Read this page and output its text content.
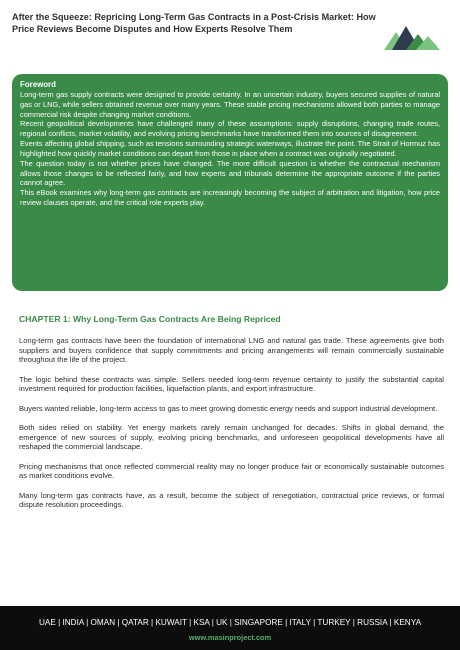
After the Squeeze: Repricing Long-Term Gas Contracts in a Post-Crisis Market: How Price Reviews Become Disputes and How Experts Resolve Them
Foreword

Long-term gas supply contracts were designed to provide certainty. In an uncertain industry, buyers secured supplies of natural gas or LNG, while sellers obtained revenue over many years. These stable pricing mechanisms allowed both parties to manage commercial risk despite changing market conditions.

Recent geopolitical developments have challenged many of these assumptions: supply disruptions, changing trade routes, regional conflicts, market volatility, and evolving pricing benchmarks have transformed them into sources of disagreement.

Events affecting global shipping, such as tensions surrounding strategic waterways, illustrate the point. The Strait of Hormuz has highlighted how quickly market conditions can depart from those in place when a contract was originally negotiated.

The question today is not whether prices have changed. The more difficult question is whether the contractual mechanism allows those changes to be reflected fairly, and how experts and tribunals determine the appropriate outcome if the parties cannot agree.

This eBook examines why long-term gas contracts are increasingly becoming the subject of arbitration and litigation, how price review clauses operate, and the critical role experts play.

CHAPTER 1: Why Long-Term Gas Contracts Are Being Repriced

Long-term gas contracts have been the foundation of international LNG and natural gas trade. These agreements give both suppliers and buyers confidence that supply commitments and pricing arrangements will remain commercially sustainable throughout the life of the project.

The logic behind these contracts was simple. Sellers needed long-term revenue certainty to justify the substantial capital investment required for production facilities, liquefaction plants, and export infrastructure.

Buyers wanted reliable, long-term access to gas to meet growing domestic energy needs and support industrial development.

Both sides relied on stability. Yet energy markets rarely remain unchanged for decades. Shifts in global demand, the emergence of new sources of supply, evolving pricing benchmarks, and unforeseen geopolitical developments have all reshaped the commercial landscape.

Pricing mechanisms that once reflected commercial reality may no longer produce fair or economically sustainable outcomes as market conditions evolve.

Many long-term gas contracts have, as a result, become the subject of renegotiation, contractual price reviews, or formal dispute resolution proceedings.

UAE | INDIA | OMAN | QATAR | KUWAIT | KSA | UK | SINGAPORE | ITALY | TURKEY | RUSSIA | KENYA
www.masinproject.com
